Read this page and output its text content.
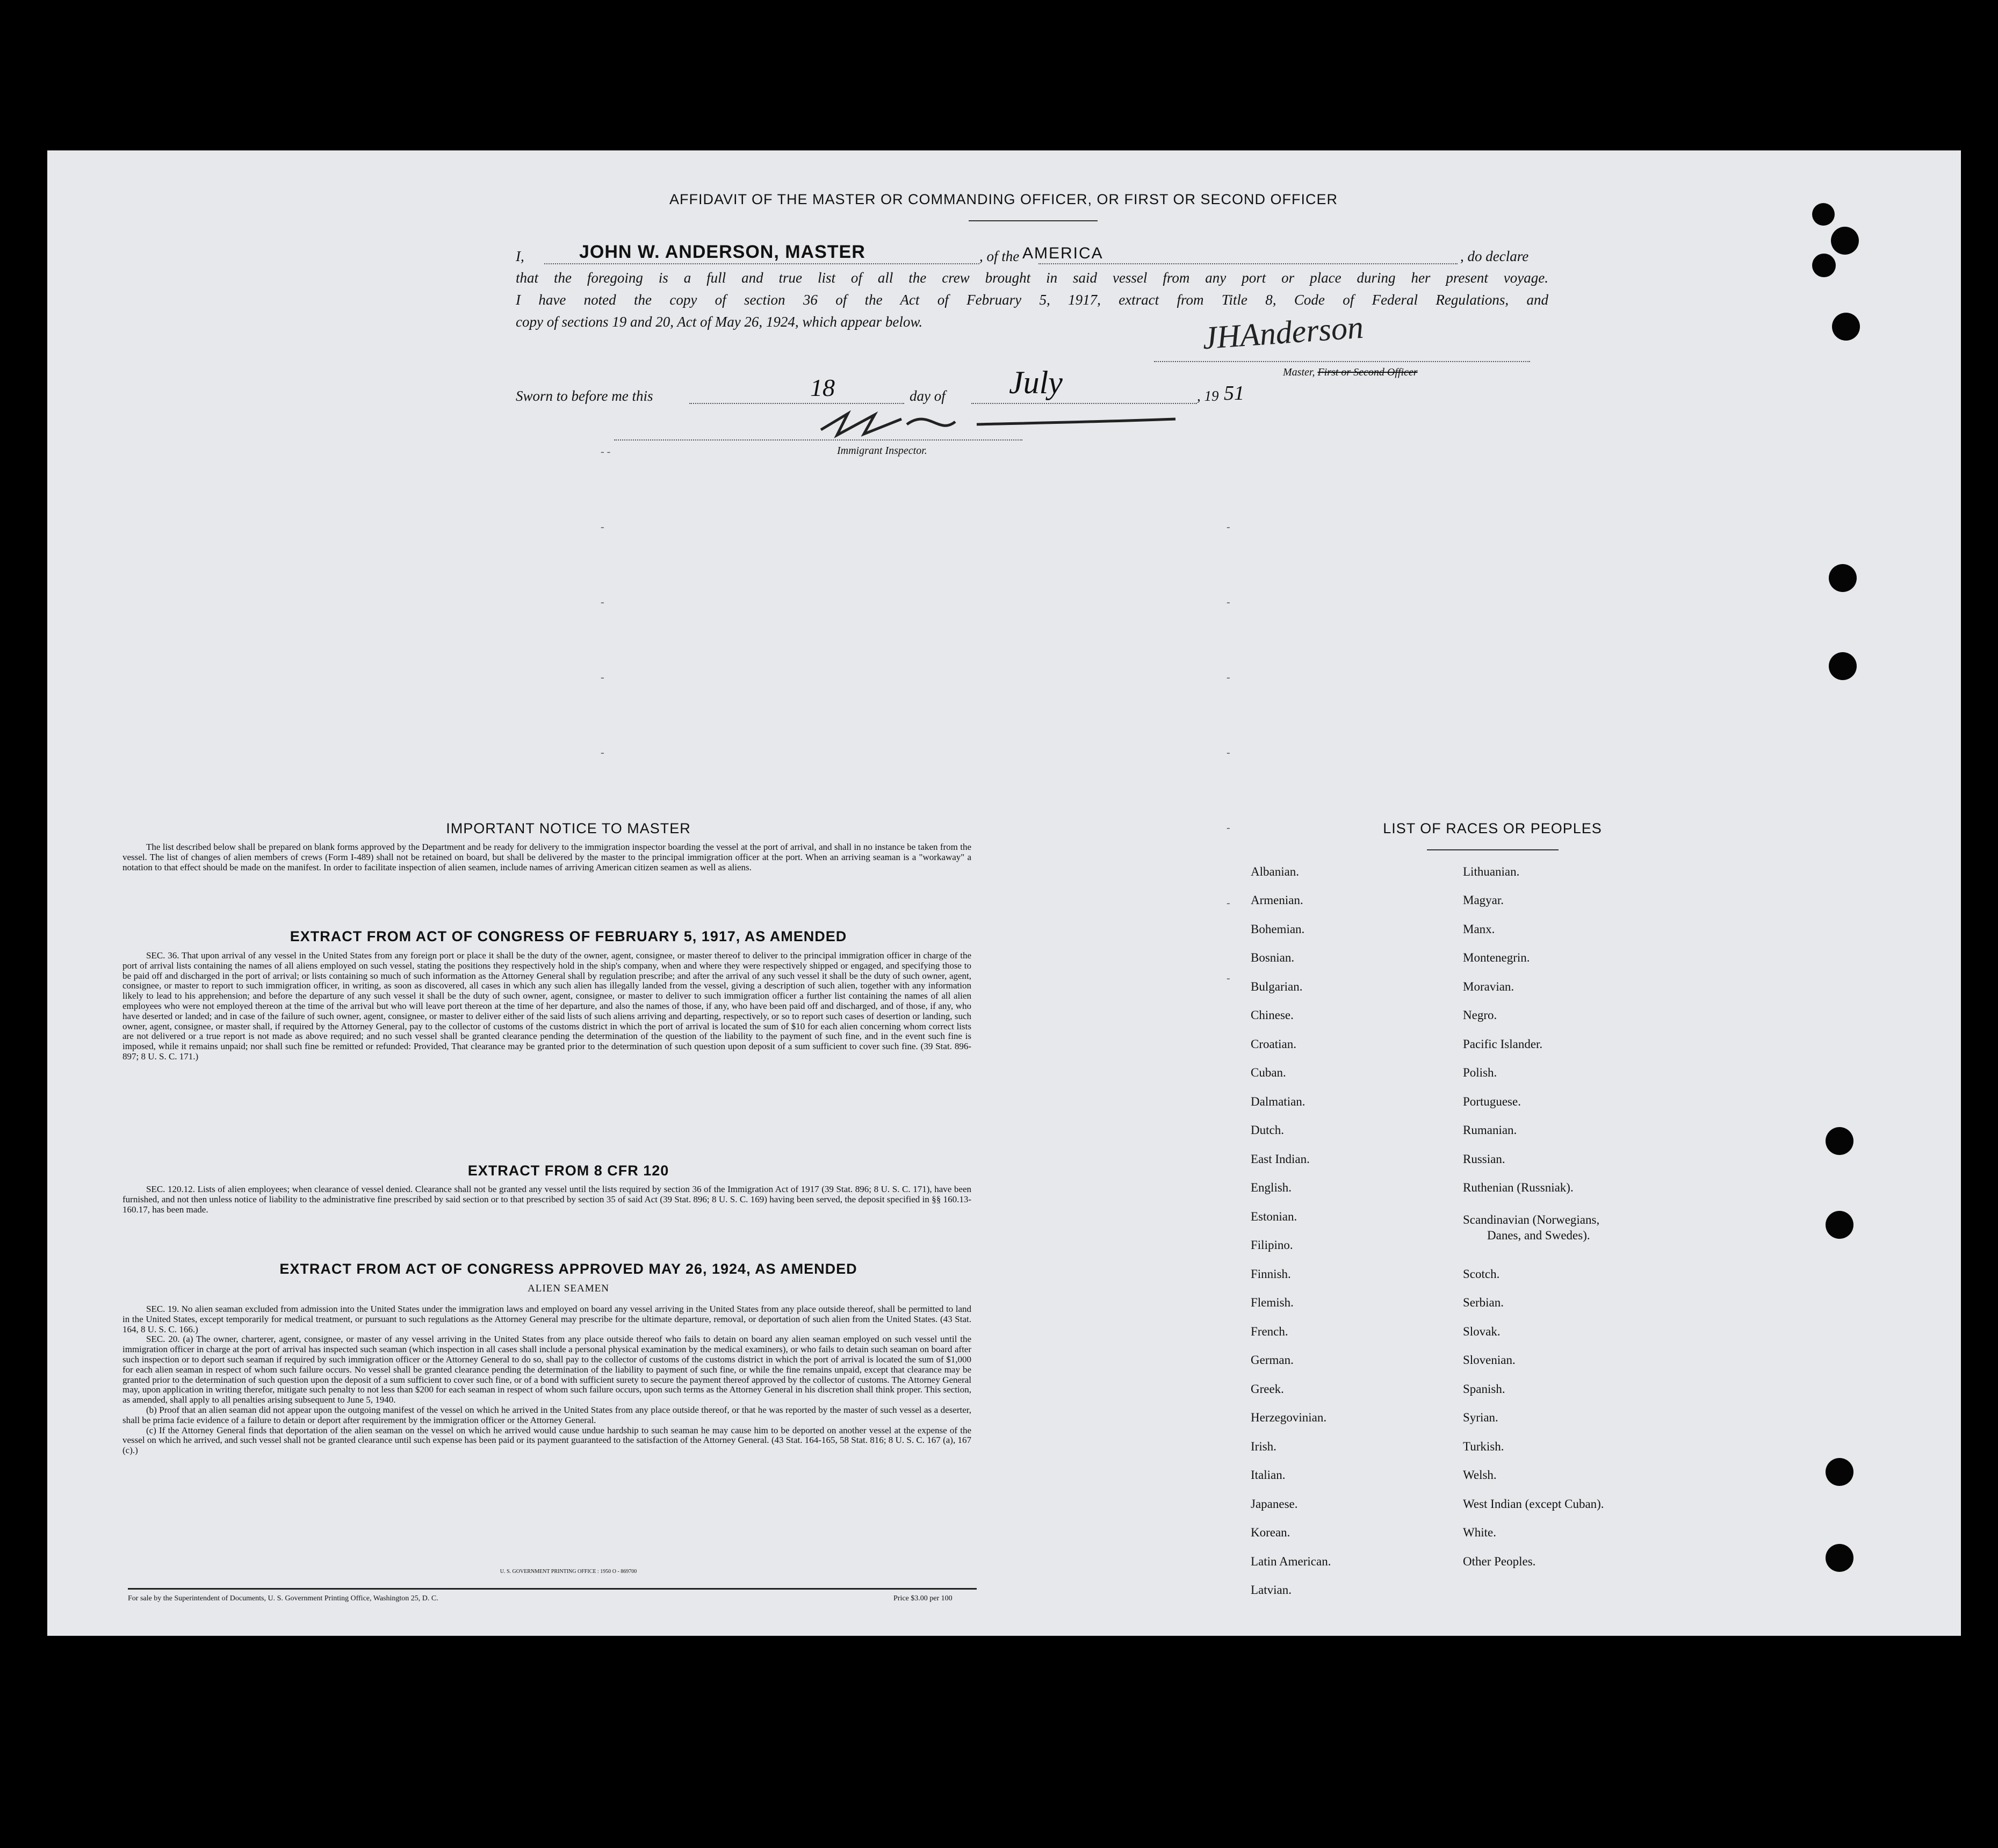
AFFIDAVIT OF THE MASTER OR COMMANDING OFFICER, OR FIRST OR SECOND OFFICER
I,	JOHN W. ANDERSON, MASTER	, of the AMERICA	, do declare
that the foregoing is a full and true list of all the crew brought in said vessel from any port or place during her present voyage.
I have noted the copy of section 36 of the Act of February 5, 1917, extract from Title 8, Code of Federal Regulations, and
copy of sections 19 and 20, Act of May 26, 1924, which appear below.	JHAnderson
Master, First or Second Officer
Sworn to before me this	18	day of July	, 19 51
Immigrant Inspector.
- -
-
-
-
-
-
-
-
-
-
-
-
IMPORTANT NOTICE TO MASTER

The list described below shall be prepared on blank forms approved by the Department and be ready for delivery to the immigration inspector boarding the vessel at the port of arrival, and shall in no instance be taken from the vessel. The list of changes of alien members of crews (Form I-489) shall not be retained on board, but shall be delivered by the master to the principal immigration officer at the port. When an arriving seaman is a "workaway" a notation to that effect should be made on the manifest. In order to facilitate inspection of alien seamen, include names of arriving American citizen seamen as well as aliens.

EXTRACT FROM ACT OF CONGRESS OF FEBRUARY 5, 1917, AS AMENDED

SEC. 36. That upon arrival of any vessel in the United States from any foreign port or place it shall be the duty of the owner, agent, consignee, or master thereof to deliver to the principal immigration officer in charge of the port of arrival lists containing the names of all aliens employed on such vessel, stating the positions they respectively hold in the ship's company, when and where they were respectively shipped or engaged, and specifying those to be paid off and discharged in the port of arrival; or lists containing so much of such information as the Attorney General shall by regulation prescribe; and after the arrival of any such vessel it shall be the duty of such owner, agent, consignee, or master to report to such immigration officer, in writing, as soon as discovered, all cases in which any such alien has illegally landed from the vessel, giving a description of such alien, together with any information likely to lead to his apprehension; and before the departure of any such vessel it shall be the duty of such owner, agent, consignee, or master to deliver to such immigration officer a further list containing the names of all alien employees who were not employed thereon at the time of the arrival but who will leave port thereon at the time of her departure, and also the names of those, if any, who have been paid off and discharged, and of those, if any, who have deserted or landed; and in case of the failure of such owner, agent, consignee, or master to deliver either of the said lists of such aliens arriving and departing, respectively, or so to report such cases of desertion or landing, such owner, agent, consignee, or master shall, if required by the Attorney General, pay to the collector of customs of the customs district in which the port of arrival is located the sum of $10 for each alien concerning whom correct lists are not delivered or a true report is not made as above required; and no such vessel shall be granted clearance pending the determination of the question of the liability to the payment of such fine, and in the event such fine is imposed, while it remains unpaid; nor shall such fine be remitted or refunded: Provided, That clearance may be granted prior to the determination of such question upon deposit of a sum sufficient to cover such fine. (39 Stat. 896-897; 8 U. S. C. 171.)

EXTRACT FROM 8 CFR 120

SEC. 120.12. Lists of alien employees; when clearance of vessel denied. Clearance shall not be granted any vessel until the lists required by section 36 of the Immigration Act of 1917 (39 Stat. 896; 8 U. S. C. 171), have been furnished, and not then unless notice of liability to the administrative fine prescribed by said section or to that prescribed by section 35 of said Act (39 Stat. 896; 8 U. S. C. 169) having been served, the deposit specified in §§ 160.13-160.17, has been made.

EXTRACT FROM ACT OF CONGRESS APPROVED MAY 26, 1924, AS AMENDED
ALIEN SEAMEN

SEC. 19. No alien seaman excluded from admission into the United States under the immigration laws and employed on board any vessel arriving in the United States from any place outside thereof, shall be permitted to land in the United States, except temporarily for medical treatment, or pursuant to such regulations as the Attorney General may prescribe for the ultimate departure, removal, or deportation of such alien from the United States. (43 Stat. 164, 8 U. S. C. 166.)

SEC. 20. (a) The owner, charterer, agent, consignee, or master of any vessel arriving in the United States from any place outside thereof who fails to detain on board any alien seaman employed on such vessel until the immigration officer in charge at the port of arrival has inspected such seaman (which inspection in all cases shall include a personal physical examination by the medical examiners), or who fails to detain such seaman on board after such inspection or to deport such seaman if required by such immigration officer or the Attorney General to do so, shall pay to the collector of customs of the customs district in which the port of arrival is located the sum of $1,000 for each alien seaman in respect of whom such failure occurs. No vessel shall be granted clearance pending the determination of the liability to payment of such fine, or while the fine remains unpaid, except that clearance may be granted prior to the determination of such question upon the deposit of a sum sufficient to cover such fine, or of a bond with sufficient surety to secure the payment thereof approved by the collector of customs. The Attorney General may, upon application in writing therefor, mitigate such penalty to not less than $200 for each seaman in respect of whom such failure occurs, upon such terms as the Attorney General in his discretion shall think proper. This section, as amended, shall apply to all penalties arising subsequent to June 5, 1940.

(b) Proof that an alien seaman did not appear upon the outgoing manifest of the vessel on which he arrived in the United States from any place outside thereof, or that he was reported by the master of such vessel as a deserter, shall be prima facie evidence of a failure to detain or deport after requirement by the immigration officer or the Attorney General.

(c) If the Attorney General finds that deportation of the alien seaman on the vessel on which he arrived would cause undue hardship to such seaman he may cause him to be deported on another vessel at the expense of the vessel on which he arrived, and such vessel shall not be granted clearance until such expense has been paid or its payment guaranteed to the satisfaction of the Attorney General. (43 Stat. 164-165, 58 Stat. 816; 8 U. S. C. 167 (a), 167 (c).)

U. S. GOVERNMENT PRINTING OFFICE : 1950 O - 869700
For sale by the Superintendent of Documents, U. S. Government Printing Office, Washington 25, D. C.	Price $3.00 per 100
LIST OF RACES OR PEOPLES
Albanian.
Armenian.
Bohemian.
Bosnian.
Bulgarian.
Chinese.
Croatian.
Cuban.
Dalmatian.
Dutch.
East Indian.
English.
Estonian.
Filipino.
Finnish.
Flemish.
French.
German.
Greek.
Herzegovinian.
Irish.
Italian.
Japanese.
Korean.
Latin American.
Latvian.
Lithuanian.
Magyar.
Manx.
Montenegrin.
Moravian.
Negro.
Pacific Islander.
Polish.
Portuguese.
Rumanian.
Russian.
Ruthenian (Russniak).
Scandinavian (Norwegians,
Danes, and Swedes).
Scotch.
Serbian.
Slovak.
Slovenian.
Spanish.
Syrian.
Turkish.
Welsh.
West Indian (except Cuban).
White.
Other Peoples.
